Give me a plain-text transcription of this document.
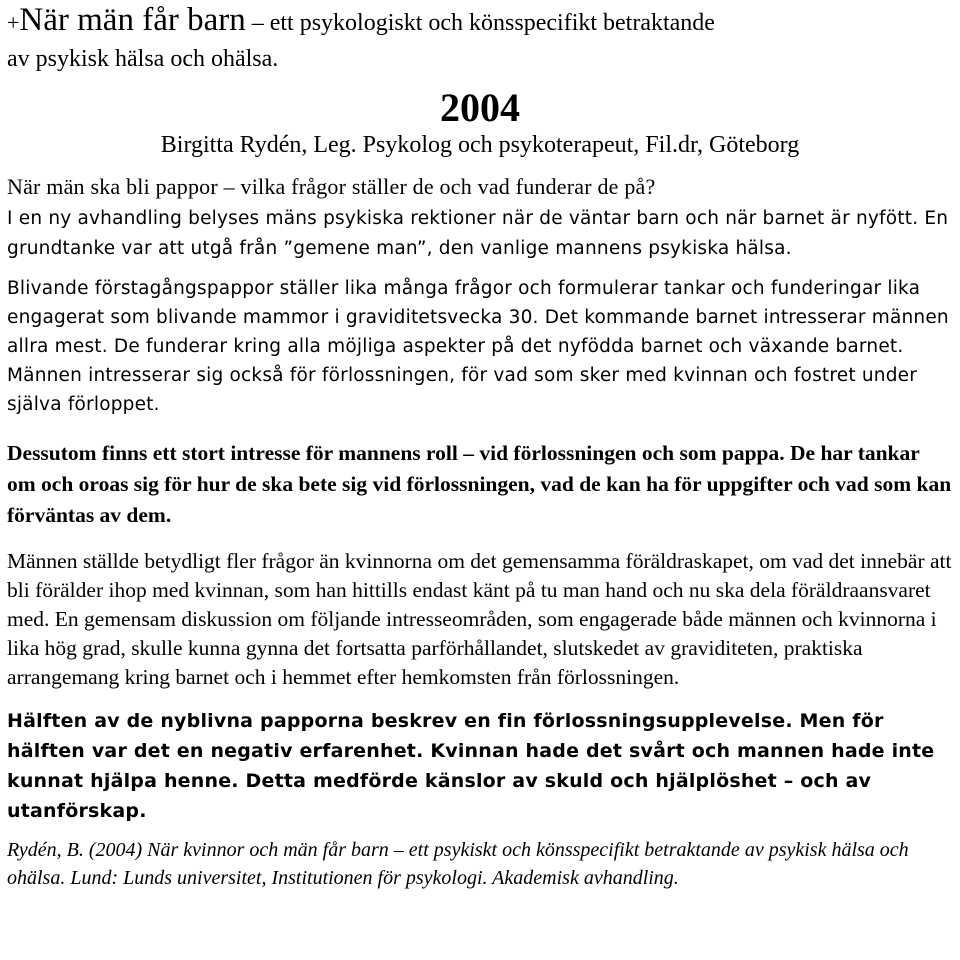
+När män får barn – ett psykologiskt och könsspecifikt betraktande

av psykisk hälsa och ohälsa.

2004

Birgitta Rydén, Leg. Psykolog och psykoterapeut, Fil.dr, Göteborg

När män ska bli pappor – vilka frågor ställer de och vad funderar de på?
I en ny avhandling belyses mäns psykiska rektioner när de väntar barn och när barnet är nyfött. En grundtanke var att utgå från ”gemene man”, den vanlige mannens psykiska hälsa.

Blivande förstagångspappor ställer lika många frågor och formulerar tankar och funderingar lika engagerat som blivande mammor i graviditetsvecka 30. Det kommande barnet intresserar männen allra mest. De funderar kring alla möjliga aspekter på det nyfödda barnet och växande barnet. Männen intresserar sig också för förlossningen, för vad som sker med kvinnan och fostret under själva förloppet.

Dessutom finns ett stort intresse för mannens roll – vid förlossningen och som pappa. De har tankar om och oroas sig för hur de ska bete sig vid förlossningen, vad de kan ha för uppgifter och vad som kan förväntas av dem.

Männen ställde betydligt fler frågor än kvinnorna om det gemensamma föräldraskapet, om vad det innebär att bli förälder ihop med kvinnan, som han hittills endast känt på tu man hand och nu ska dela föräldraansvaret med. En gemensam diskussion om följande intresseområden, som engagerade både männen och kvinnorna i lika hög grad, skulle kunna gynna det fortsatta parförhållandet, slutskedet av graviditeten, praktiska arrangemang kring barnet och i hemmet efter hemkomsten från förlossningen.

Hälften av de nyblivna papporna beskrev en fin förlossningsupplevelse. Men för hälften var det en negativ erfarenhet. Kvinnan hade det svårt och mannen hade inte kunnat hjälpa henne. Detta medförde känslor av skuld och hjälplöshet – och av utanförskap.

Rydén, B. (2004) När kvinnor och män får barn – ett psykiskt och könsspecifikt betraktande av psykisk hälsa och ohälsa. Lund: Lunds universitet, Institutionen för psykologi. Akademisk avhandling.
